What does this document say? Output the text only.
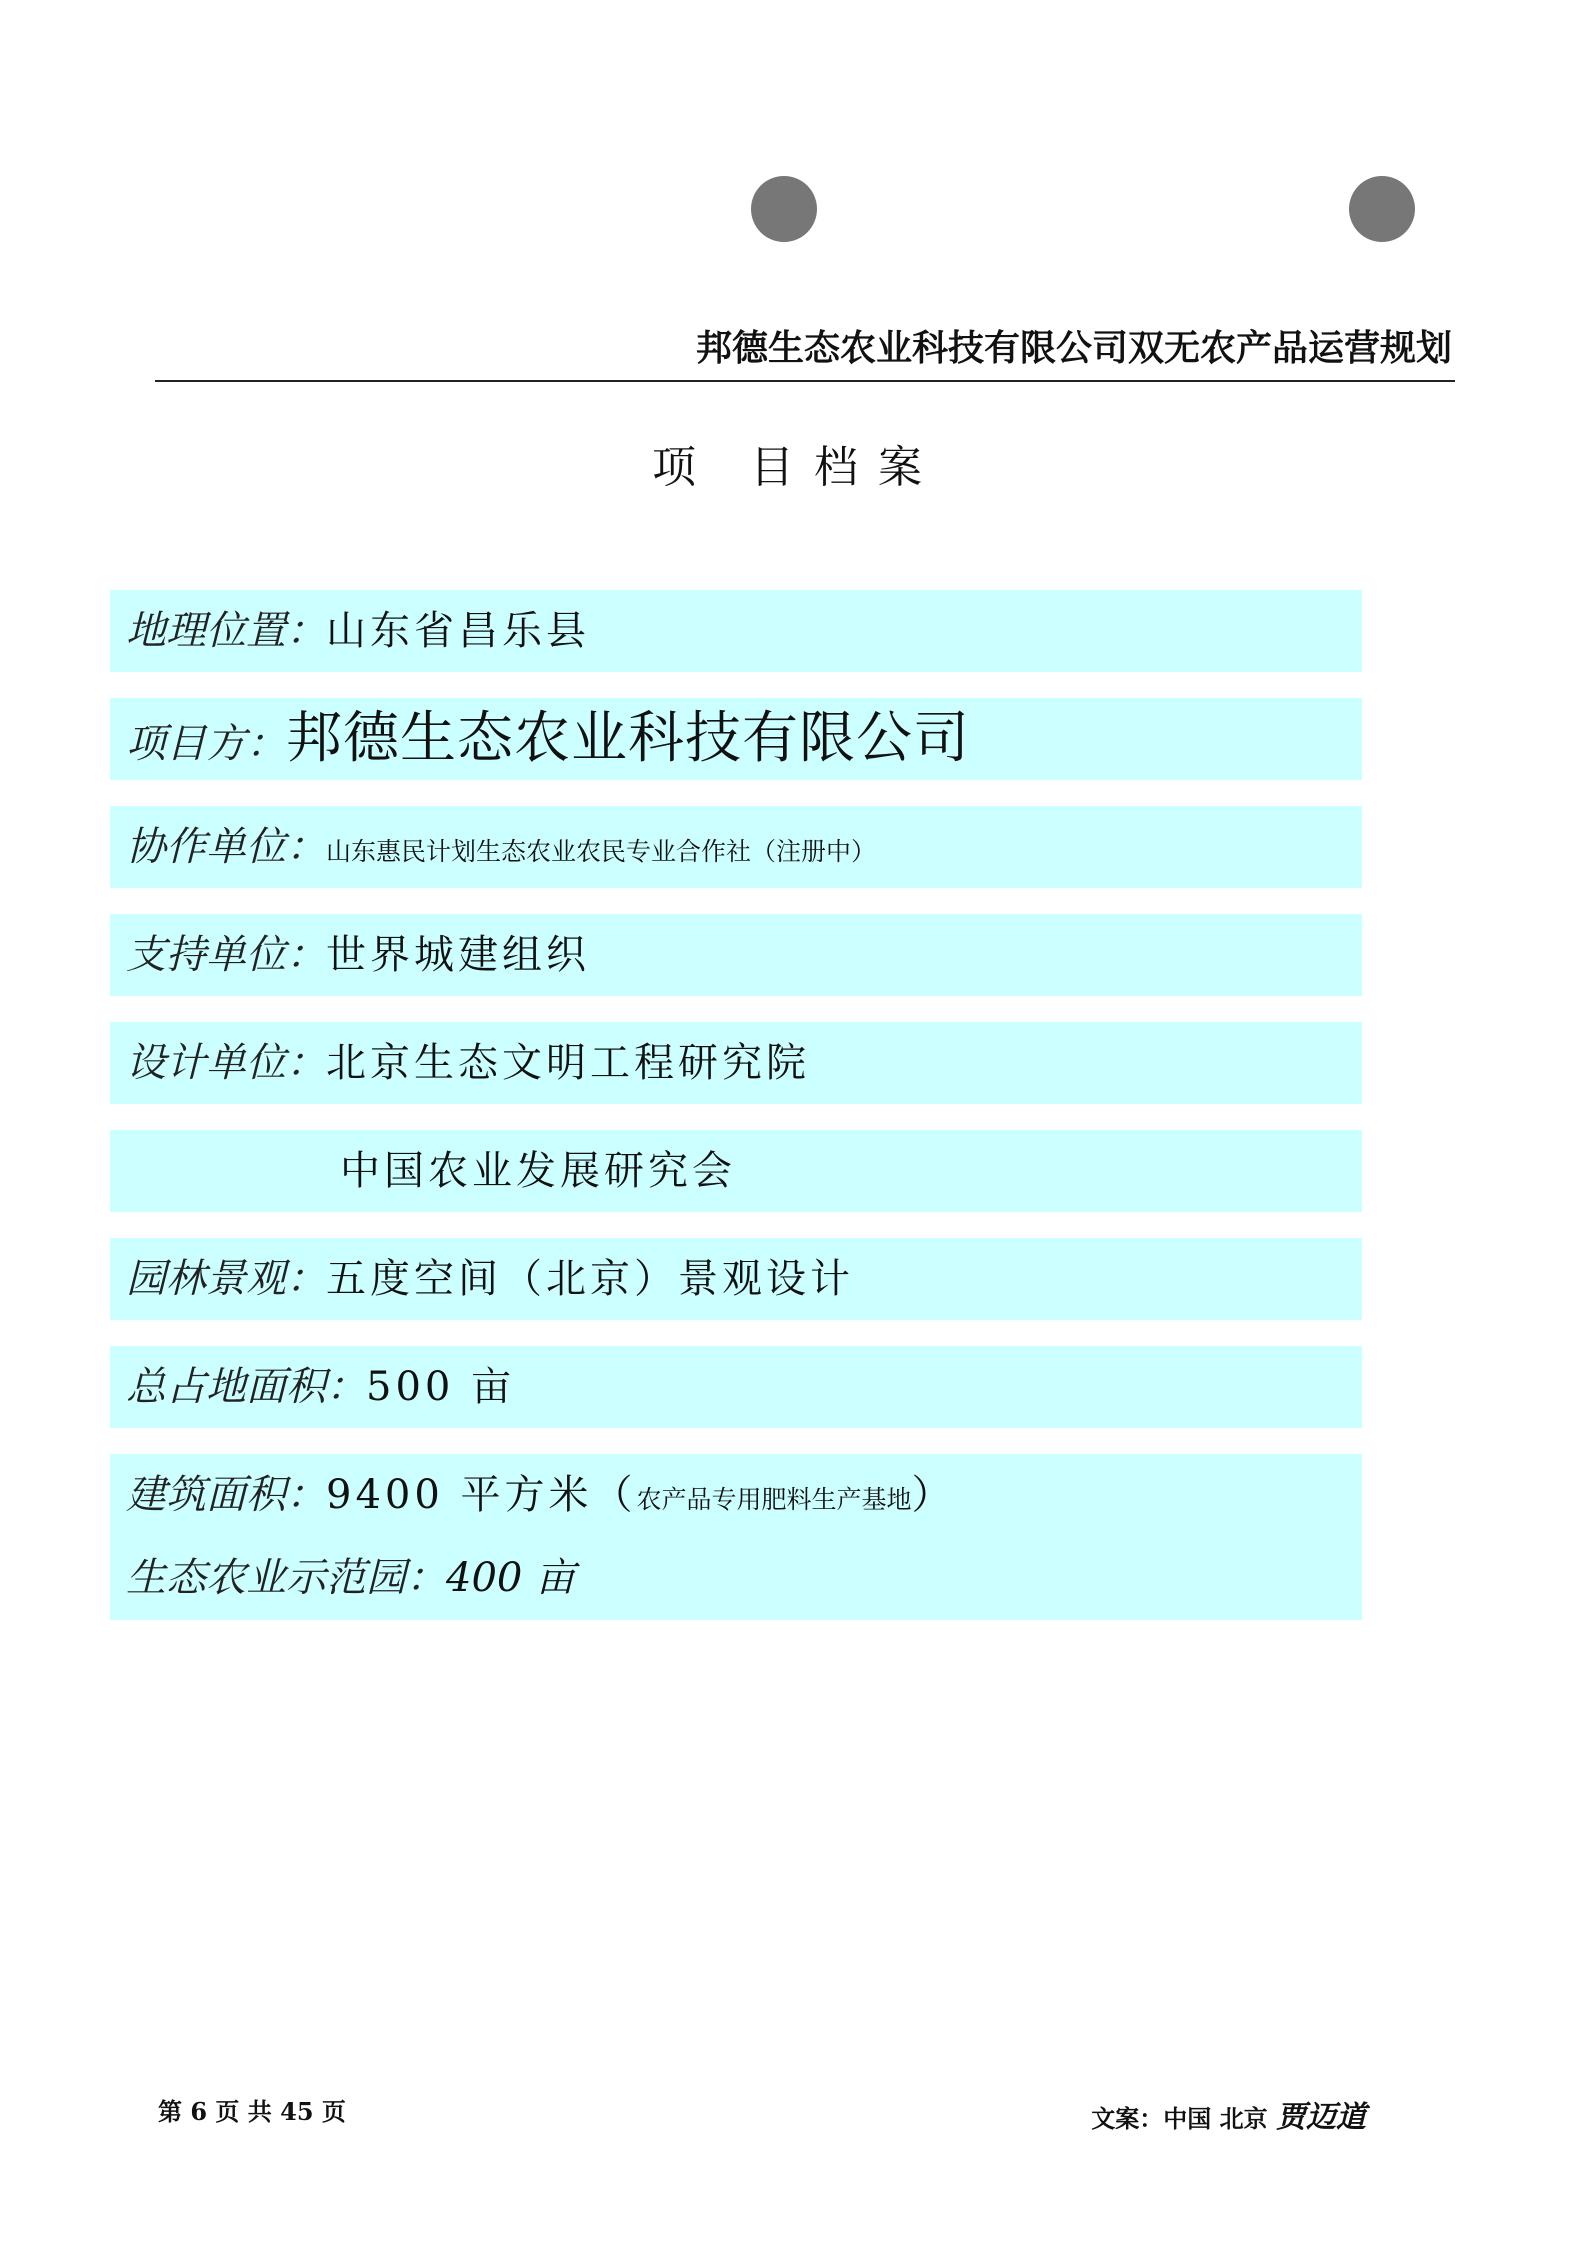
邦德生态农业科技有限公司双无农产品运营规划
项 目档案
地理位置：山东省昌乐县
项目方：邦德生态农业科技有限公司
协作单位：山东惠民计划生态农业农民专业合作社（注册中）
支持单位：世界城建组织
设计单位：北京生态文明工程研究院
中国农业发展研究会
园林景观：五度空间（北京）景观设计
总占地面积：500 亩
建筑面积：9400 平方米（农产品专用肥料生产基地）
生态农业示范园：400 亩
第 6 页 共 45 页	文案：中国 北京 贾迈道
